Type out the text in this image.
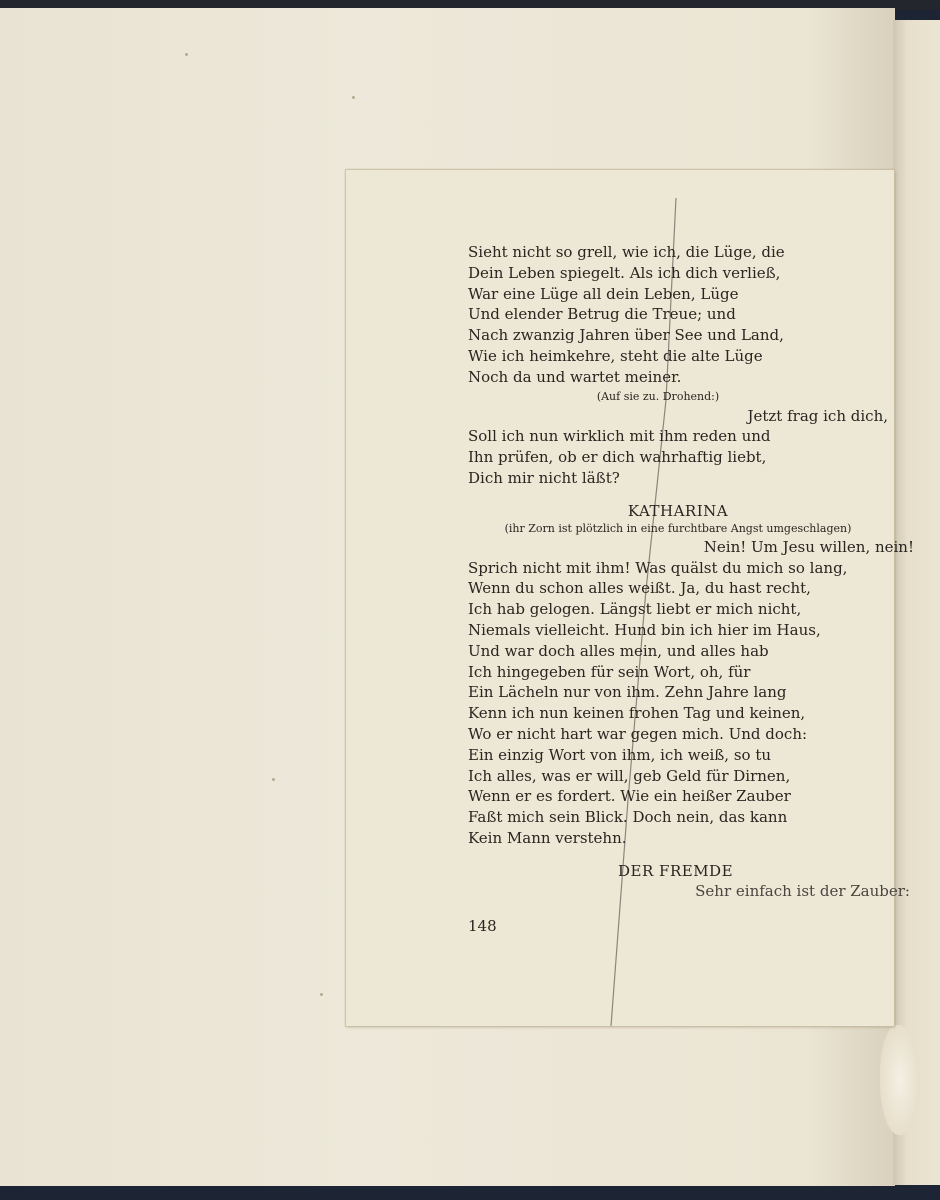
Sieht nicht so grell, wie ich, die Lüge, die
Dein Leben spiegelt. Als ich dich verließ,
War eine Lüge all dein Leben, Lüge
Und elender Betrug die Treue; und
Nach zwanzig Jahren über See und Land,
Wie ich heimkehre, steht die alte Lüge
Noch da und wartet meiner.
(Auf sie zu. Drohend:)
Jetzt frag ich dich,
Soll ich nun wirklich mit ihm reden und
Ihn prüfen, ob er dich wahrhaftig liebt,
Dich mir nicht läßt?
KATHARINA
(ihr Zorn ist plötzlich in eine furchtbare Angst umgeschlagen)
Nein! Um Jesu willen, nein!
Sprich nicht mit ihm! Was quälst du mich so lang,
Wenn du schon alles weißt. Ja, du hast recht,
Ich hab gelogen. Längst liebt er mich nicht,
Niemals vielleicht. Hund bin ich hier im Haus,
Und war doch alles mein, und alles hab
Ich hingegeben für sein Wort, oh, für
Ein Lächeln nur von ihm. Zehn Jahre lang
Kenn ich nun keinen frohen Tag und keinen,
Wo er nicht hart war gegen mich. Und doch:
Ein einzig Wort von ihm, ich weiß, so tu
Ich alles, was er will, geb Geld für Dirnen,
Wenn er es fordert. Wie ein heißer Zauber
Faßt mich sein Blick. Doch nein, das kann
Kein Mann verstehn.
DER FREMDE
Sehr einfach ist der Zauber:
148
